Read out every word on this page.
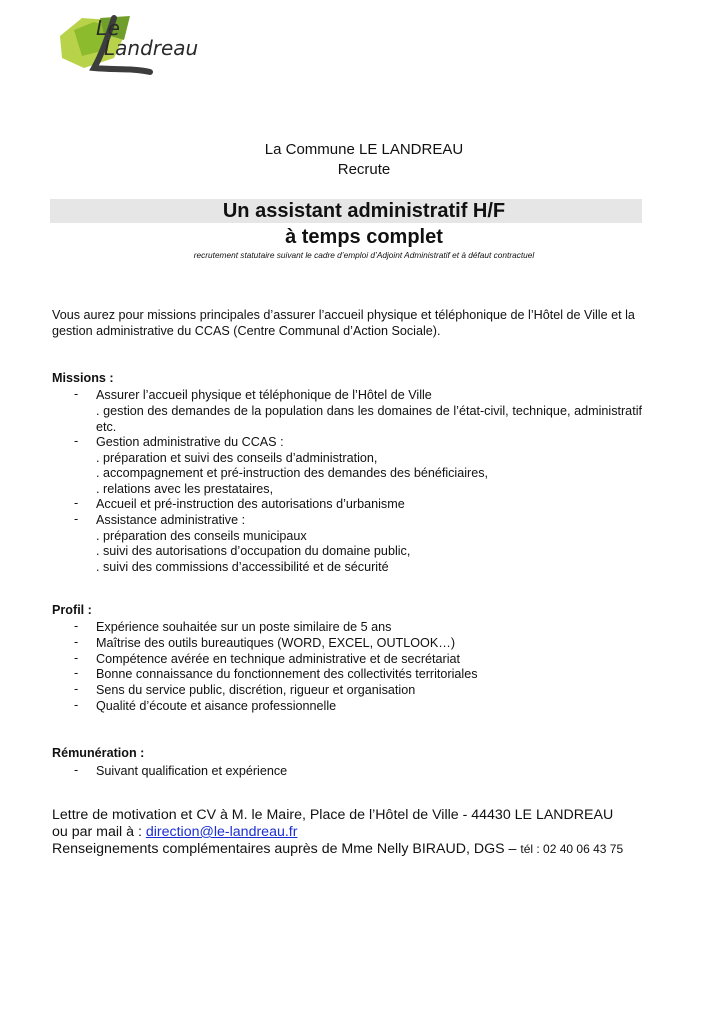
Le
Landreau
La Commune LE LANDREAU
Recrute
Un assistant administratif H/F
à temps complet
recrutement statutaire suivant le cadre d’emploi d’Adjoint Administratif et à défaut contractuel
Vous aurez pour missions principales d’assurer l’accueil physique et téléphonique de l’Hôtel de Ville et la gestion administrative du CCAS (Centre Communal d’Action Sociale).
Missions :
- Assurer l’accueil physique et téléphonique de l’Hôtel de Ville
. gestion des demandes de la population dans les domaines de l’état-civil, technique, administratif etc.
- Gestion administrative du CCAS :
. préparation et suivi des conseils d’administration,
. accompagnement et pré-instruction des demandes des bénéficiaires,
. relations avec les prestataires,
- Accueil et pré-instruction des autorisations d’urbanisme
- Assistance administrative :
. préparation des conseils municipaux
. suivi des autorisations d’occupation du domaine public,
. suivi des commissions d’accessibilité et de sécurité
Profil :
- Expérience souhaitée sur un poste similaire de 5 ans
- Maîtrise des outils bureautiques (WORD, EXCEL, OUTLOOK…)
- Compétence avérée en technique administrative et de secrétariat
- Bonne connaissance du fonctionnement des collectivités territoriales
- Sens du service public, discrétion, rigueur et organisation
- Qualité d’écoute et aisance professionnelle
Rémunération :
- Suivant qualification et expérience
Lettre de motivation et CV à M. le Maire, Place de l’Hôtel de Ville - 44430 LE LANDREAU
ou par mail à : direction@le-landreau.fr
Renseignements complémentaires auprès de Mme Nelly BIRAUD, DGS – tél : 02 40 06 43 75
